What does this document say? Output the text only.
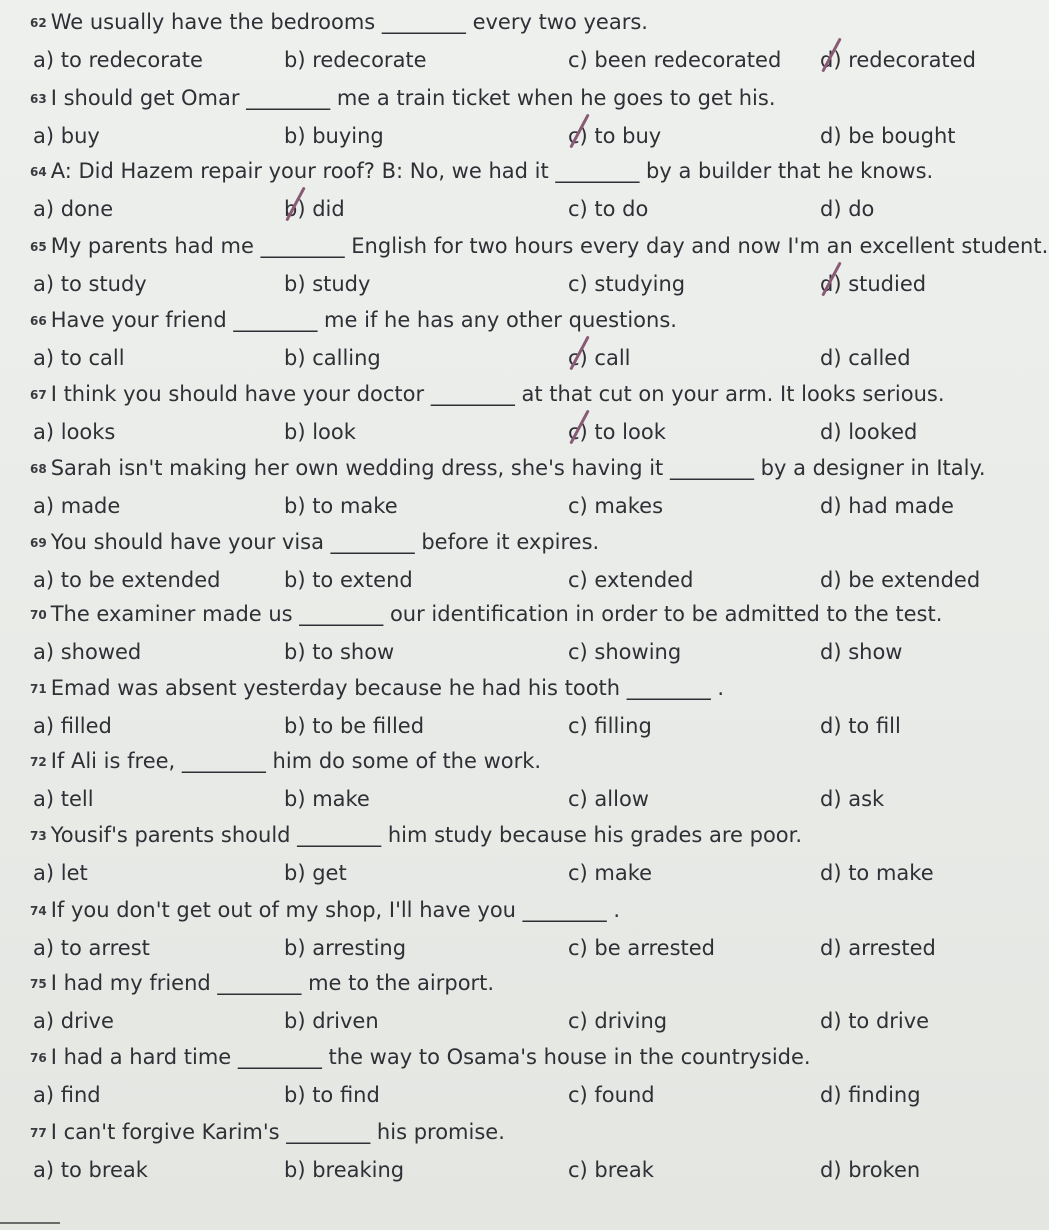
62 We usually have the bedrooms ________ every two years.
a) to redecorate	b) redecorate	c) been redecorated d) redecorated
63 I should get Omar ________ me a train ticket when he goes to get his.
a) buy	b) buying	c) to buy	d) be bought
64 A: Did Hazem repair your roof? B: No, we had it ________ by a builder that he knows.
a) done	b) did	c) to do	d) do
65 My parents had me ________ English for two hours every day and now I'm an excellent student.
a) to study	b) study	c) studying	d) studied
66 Have your friend ________ me if he has any other questions.
a) to call	b) calling	c) call	d) called
67 I think you should have your doctor ________ at that cut on your arm. It looks serious.
a) looks	b) look	c) to look	d) looked
68 Sarah isn't making her own wedding dress, she's having it ________ by a designer in Italy.
a) made	b) to make	c) makes	d) had made
69 You should have your visa ________ before it expires.
a) to be extended	b) to extend	c) extended	d) be extended
70 The examiner made us ________ our identification in order to be admitted to the test.
a) showed	b) to show	c) showing	d) show
71 Emad was absent yesterday because he had his tooth ________ .
a) filled	b) to be filled	c) filling	d) to fill
72 If Ali is free, ________ him do some of the work.
a) tell	b) make	c) allow	d) ask
73 Yousif's parents should ________ him study because his grades are poor.
a) let	b) get	c) make	d) to make
74 If you don't get out of my shop, I'll have you ________ .
a) to arrest	b) arresting	c) be arrested	d) arrested
75 I had my friend ________ me to the airport.
a) drive	b) driven	c) driving	d) to drive
76 I had a hard time ________ the way to Osama's house in the countryside.
a) find	b) to find	c) found	d) finding
77 I can't forgive Karim's ________ his promise.
a) to break	b) breaking	c) break	d) broken
